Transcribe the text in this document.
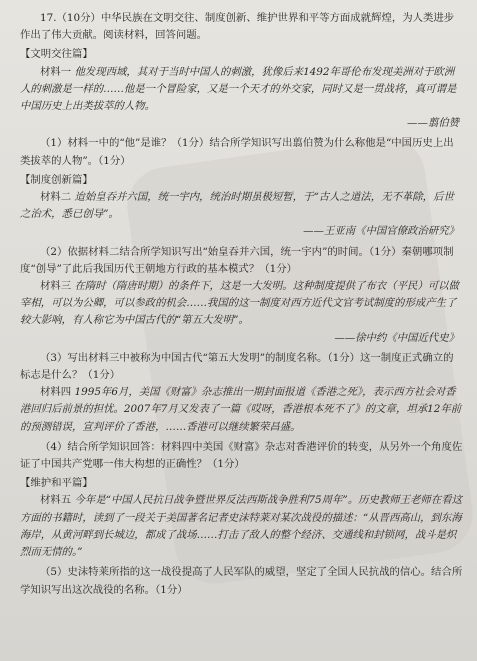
17.（10分）中华民族在文明交往、制度创新、维护世界和平等方面成就辉煌，为人类进步作出了伟大贡献。阅读材料，回答问题。

【文明交往篇】

材料一 他发现西域，其对于当时中国人的刺激，犹像后来1492年哥伦布发现美洲对于欧洲人的刺激是一样的……他是一个冒险家，又是一个天才的外交家，同时又是一贯战将，真可谓是中国历史上出类拔萃的人物。

——翦伯赞

（1）材料一中的“他”是谁？（1分）结合所学知识写出翦伯赞为什么称他是“中国历史上出类拔萃的人物”。（1分）

【制度创新篇】

材料二 迨始皇吞并六国，统一宇内，统治时期虽极短暂，于“古人之道法，无不革除，后世之治术，悉已创导”。

——王亚南《中国官僚政治研究》

（2）依据材料二结合所学知识写出“始皇吞并六国，统一宇内”的时间。（1分）秦朝哪项制度“创导”了此后我国历代王朝地方行政的基本模式？（1分）

材料三 在隋时（隋唐时期）的条件下，这是一大发明。这种制度提供了布衣（平民）可以做宰相，可以为公卿，可以参政的机会……我国的这一制度对西方近代文官考试制度的形成产生了较大影响，有人称它为中国古代的“第五大发明”。

——徐中约《中国近代史》

（3）写出材料三中被称为中国古代“第五大发明”的制度名称。（1分）这一制度正式确立的标志是什么？（1分）

材料四 1995年6月，美国《财富》杂志推出一期封面报道《香港之死》，表示西方社会对香港回归后前景的担忧。2007年7月又发表了一篇《哎呀，香港根本死不了》的文章，坦承12年前的预测错误，宣判评价了香港，……香港可以继续繁荣昌盛。

（4）结合所学知识回答：材料四中美国《财富》杂志对香港评价的转变，从另外一个角度佐证了中国共产党哪一伟大构想的正确性？（1分）

【维护和平篇】

材料五 今年是“中国人民抗日战争暨世界反法西斯战争胜利75周年”。历史教师王老师在看这方面的书籍时，读到了一段关于美国著名记者史沫特莱对某次战役的描述：“从晋西高山，到东海海岸，从黄河畔到长城边，都成了战场……打击了敌人的整个经济、交通线和封锁网，战斗是炽烈而无情的。”

（5）史沫特莱所指的这一战役提高了人民军队的威望，坚定了全国人民抗战的信心。结合所学知识写出这次战役的名称。（1分）
